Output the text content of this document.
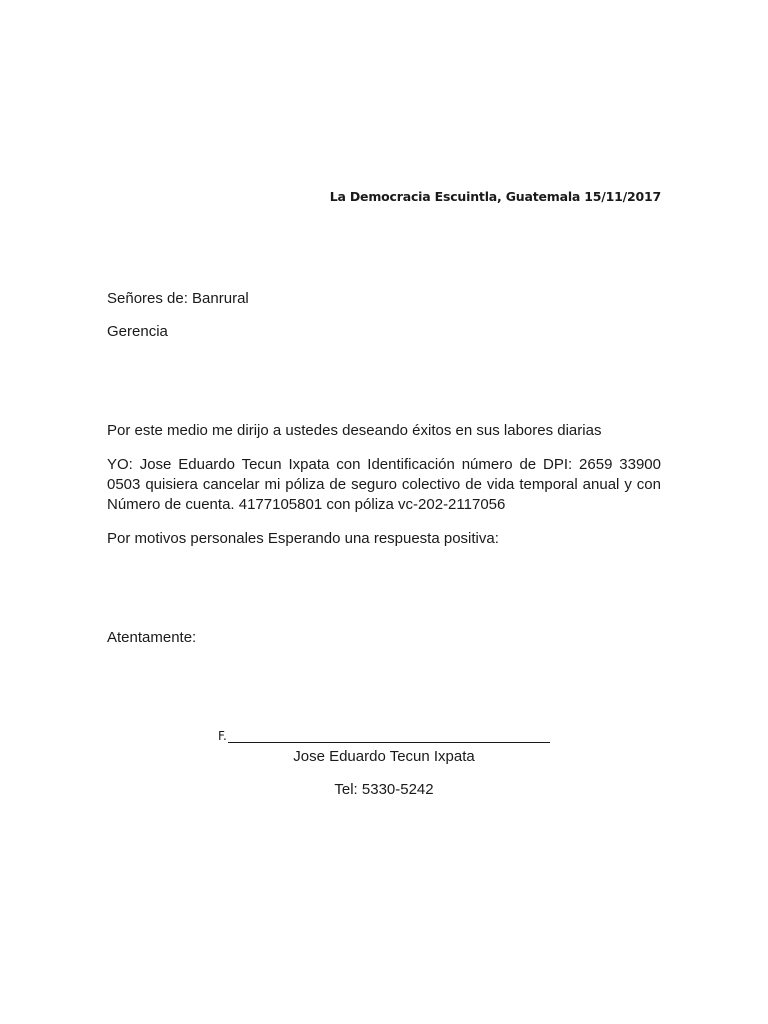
La Democracia Escuintla, Guatemala 15/11/2017
Señores de: Banrural
Gerencia
Por este medio me dirijo a ustedes deseando éxitos en sus labores diarias
YO: Jose Eduardo Tecun Ixpata con Identificación número de DPI: 2659 33900
0503 quisiera cancelar mi póliza de seguro colectivo de vida temporal anual y con
Número de cuenta. 4177105801 con póliza vc-202-2117056
Por motivos personales Esperando una respuesta positiva:
Atentamente:
F.
Jose Eduardo Tecun Ixpata
Tel: 5330-5242
